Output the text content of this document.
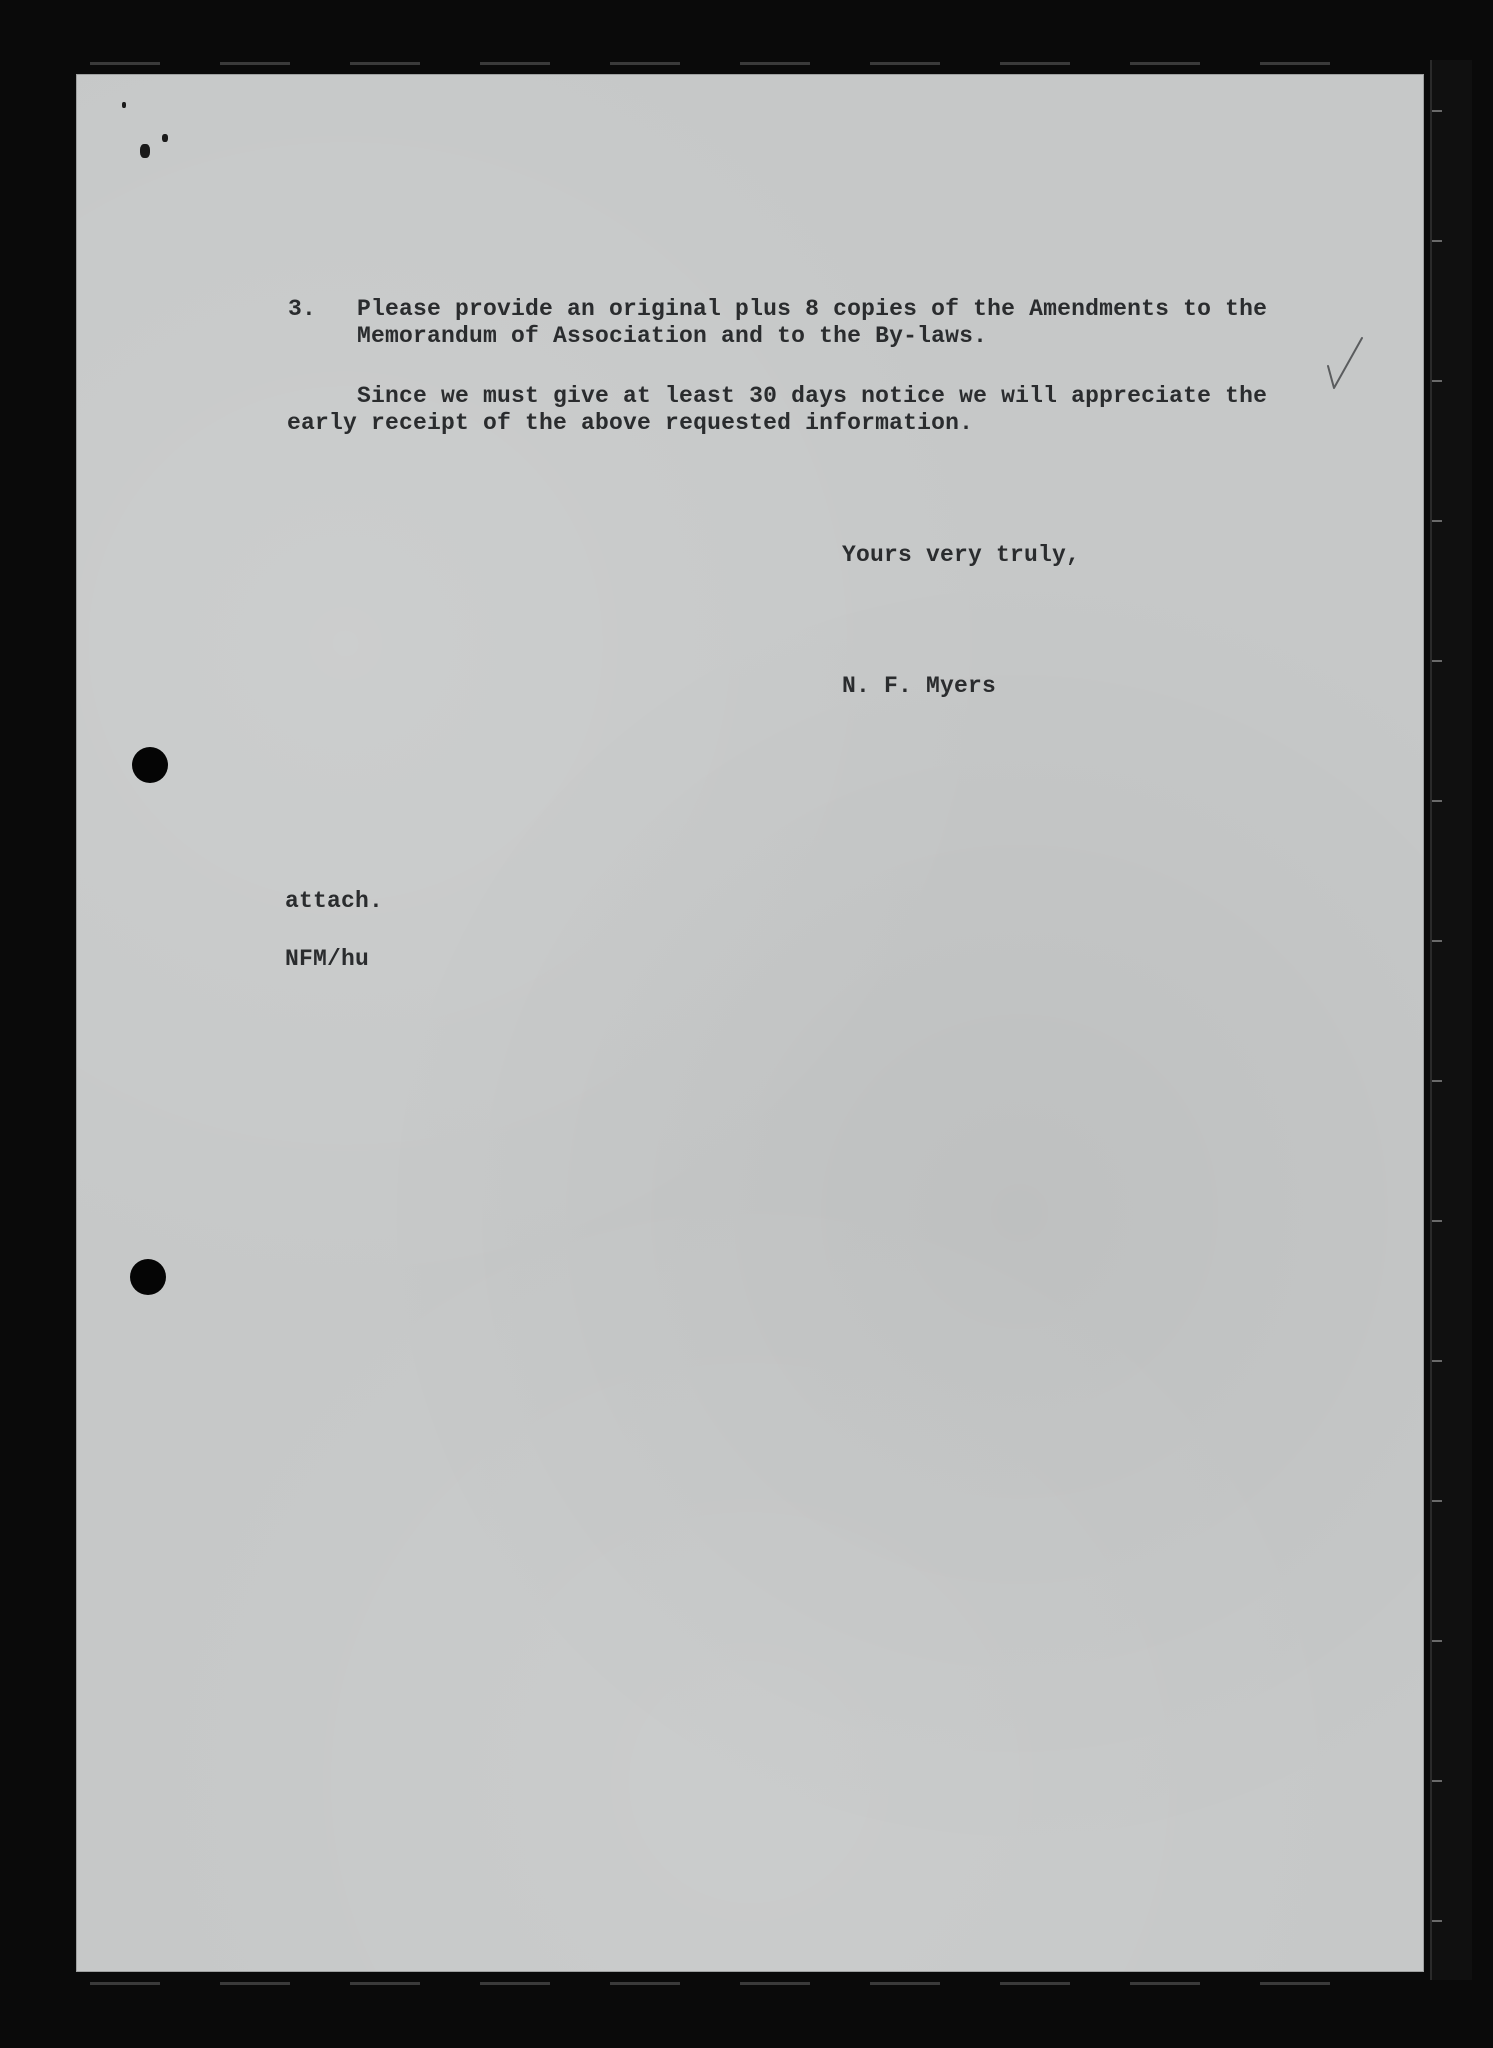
3. Please provide an original plus 8 copies of the Amendments to the
Memorandum of Association and to the By-laws.
Since we must give at least 30 days notice we will appreciate the
early receipt of the above requested information.
Yours very truly,
N. F. Myers
attach.
NFM/hu
